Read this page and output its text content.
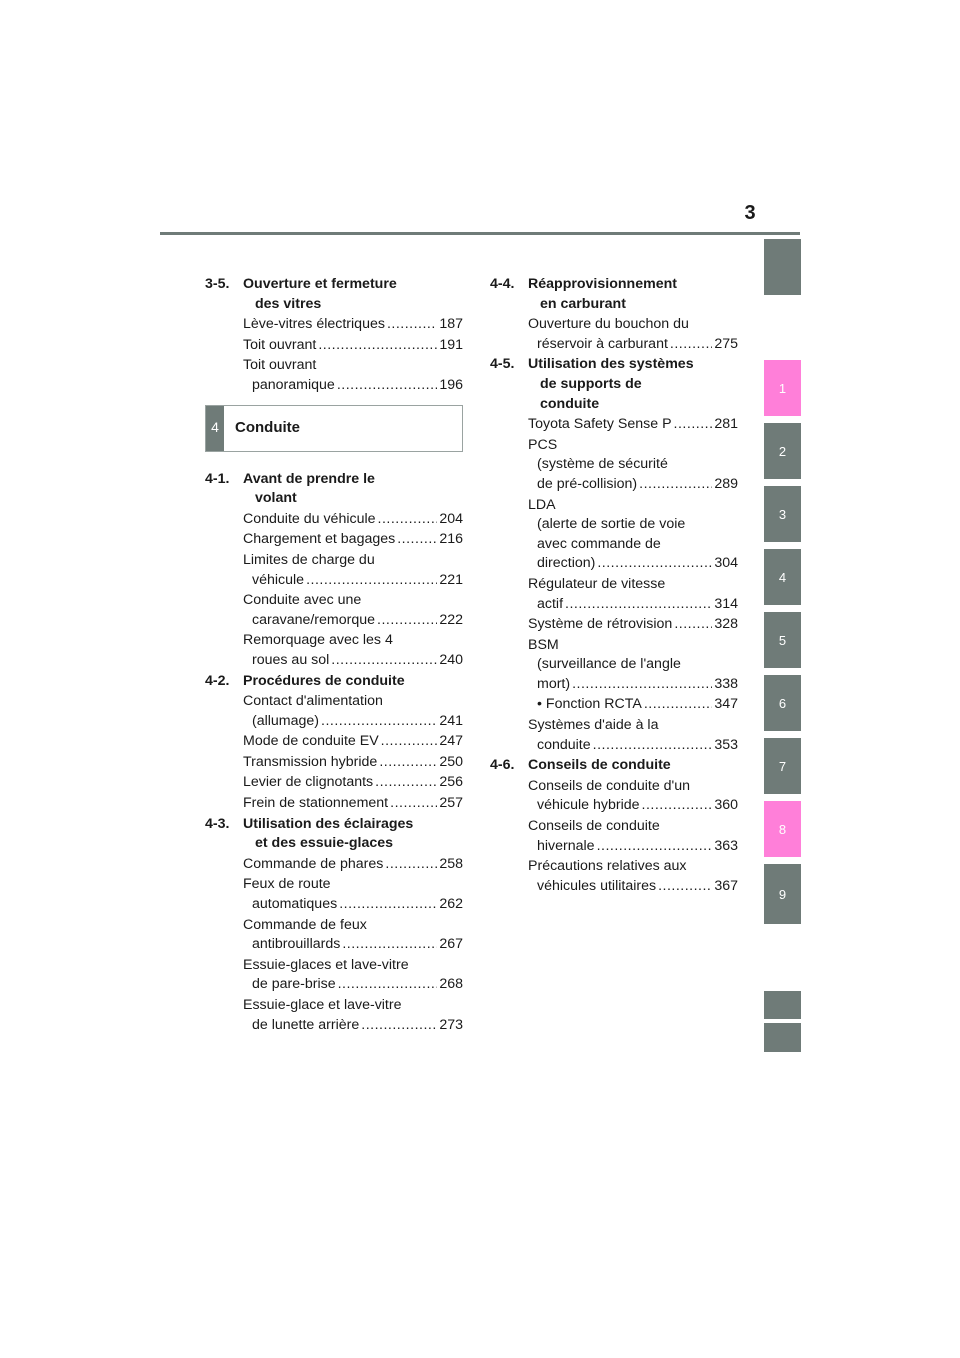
3
1
2
3
4
5
6
7
8
9
3-5. Ouverture et fermeture
des vitres
Lève-vitres électriques .....	187
Toit ouvrant .....	191
Toit ouvrant
panoramique .....	196
4	Conduite
4-1. Avant de prendre le
volant
Conduite du véhicule .....	204
Chargement et bagages .....	216
Limites de charge du
véhicule .....	221
Conduite avec une
caravane/remorque .....	222
Remorquage avec les 4
roues au sol .....	240
4-2. Procédures de conduite
Contact d'alimentation
(allumage) .....	241
Mode de conduite EV .....	247
Transmission hybride .....	250
Levier de clignotants .....	256
Frein de stationnement .....	257
4-3. Utilisation des éclairages
et des essuie-glaces
Commande de phares .....	258
Feux de route
automatiques .....	262
Commande de feux
antibrouillards .....	267
Essuie-glaces et lave-vitre
de pare-brise .....	268
Essuie-glace et lave-vitre
de lunette arrière .....	273
4-4. Réapprovisionnement
en carburant
Ouverture du bouchon du
réservoir à carburant .....	275
4-5. Utilisation des systèmes
de supports de
conduite
Toyota Safety Sense P .....	281
PCS
(système de sécurité
de pré-collision) .....	289
LDA
(alerte de sortie de voie
avec commande de
direction) .....	304
Régulateur de vitesse
actif .....	314
Système de rétrovision .....	328
BSM
(surveillance de l'angle
mort) .....	338
• Fonction RCTA .....	347
Systèmes d'aide à la
conduite .....	353
4-6. Conseils de conduite
Conseils de conduite d'un
véhicule hybride .....	360
Conseils de conduite
hivernale .....	363
Précautions relatives aux
véhicules utilitaires .....	367
